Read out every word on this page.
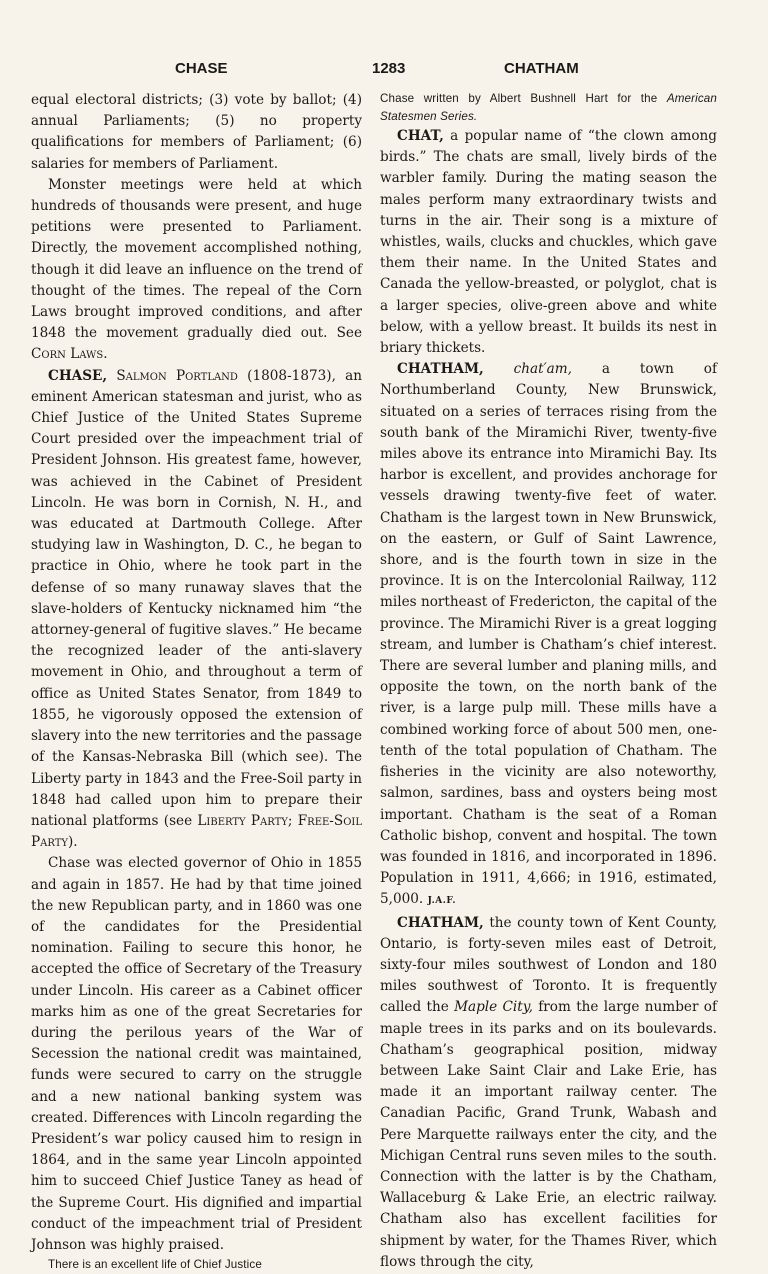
CHASE	1283	CHATHAM

equal electoral districts; (3) vote by ballot; (4) annual Parliaments; (5) no property qualifications for members of Parliament; (6) salaries for members of Parliament.

Monster meetings were held at which hundreds of thousands were present, and huge petitions were presented to Parliament. Directly, the movement accomplished nothing, though it did leave an influence on the trend of thought of the times. The repeal of the Corn Laws brought improved conditions, and after 1848 the movement gradually died out. See Corn Laws.

CHASE, Salmon Portland (1808-1873), an eminent American statesman and jurist, who as Chief Justice of the United States Supreme Court presided over the impeachment trial of President Johnson. His greatest fame, however, was achieved in the Cabinet of President Lincoln. He was born in Cornish, N. H., and was educated at Dartmouth College. After studying law in Washington, D. C., he began to practice in Ohio, where he took part in the defense of so many runaway slaves that the slave-holders of Kentucky nicknamed him “the attorney-general of fugitive slaves.” He became the recognized leader of the anti-slavery movement in Ohio, and throughout a term of office as United States Senator, from 1849 to 1855, he vigorously opposed the extension of slavery into the new territories and the passage of the Kansas-Nebraska Bill (which see). The Liberty party in 1843 and the Free-Soil party in 1848 had called upon him to prepare their national platforms (see Liberty Party; Free-Soil Party).

Chase was elected governor of Ohio in 1855 and again in 1857. He had by that time joined the new Republican party, and in 1860 was one of the candidates for the Presidential nomination. Failing to secure this honor, he accepted the office of Secretary of the Treasury under Lincoln. His career as a Cabinet officer marks him as one of the great Secretaries for during the perilous years of the War of Secession the national credit was maintained, funds were secured to carry on the struggle and a new national banking system was created. Differences with Lincoln regarding the President’s war policy caused him to resign in 1864, and in the same year Lincoln appointed him to succeed Chief Justice Taney as head of the Supreme Court. His dignified and impartial conduct of the impeachment trial of President Johnson was highly praised.

There is an excellent life of Chief Justice

Chase written by Albert Bushnell Hart for the American Statesmen Series.

CHAT, a popular name of “the clown among birds.” The chats are small, lively birds of the warbler family. During the mating season the males perform many extraordinary twists and turns in the air. Their song is a mixture of whistles, wails, clucks and chuckles, which gave them their name. In the United States and Canada the yellow-breasted, or polyglot, chat is a larger species, olive-green above and white below, with a yellow breast. It builds its nest in briary thickets.

CHATHAM, chat′am, a town of Northumberland County, New Brunswick, situated on a series of terraces rising from the south bank of the Miramichi River, twenty-five miles above its entrance into Miramichi Bay. Its harbor is excellent, and provides anchorage for vessels drawing twenty-five feet of water. Chatham is the largest town in New Brunswick, on the eastern, or Gulf of Saint Lawrence, shore, and is the fourth town in size in the province. It is on the Intercolonial Railway, 112 miles northeast of Fredericton, the capital of the province. The Miramichi River is a great logging stream, and lumber is Chatham’s chief interest. There are several lumber and planing mills, and opposite the town, on the north bank of the river, is a large pulp mill. These mills have a combined working force of about 500 men, one-tenth of the total population of Chatham. The fisheries in the vicinity are also noteworthy, salmon, sardines, bass and oysters being most important. Chatham is the seat of a Roman Catholic bishop, convent and hospital. The town was founded in 1816, and incorporated in 1896. Population in 1911, 4,666; in 1916, estimated, 5,000. J.A.F.

CHATHAM, the county town of Kent County, Ontario, is forty-seven miles east of Detroit, sixty-four miles southwest of London and 180 miles southwest of Toronto. It is frequently called the Maple City, from the large number of maple trees in its parks and on its boulevards. Chatham’s geographical position, midway between Lake Saint Clair and Lake Erie, has made it an important railway center. The Canadian Pacific, Grand Trunk, Wabash and Pere Marquette railways enter the city, and the Michigan Central runs seven miles to the south. Connection with the latter is by the Chatham, Wallaceburg & Lake Erie, an electric railway. Chatham also has excellent facilities for shipment by water, for the Thames River, which flows through the city,
